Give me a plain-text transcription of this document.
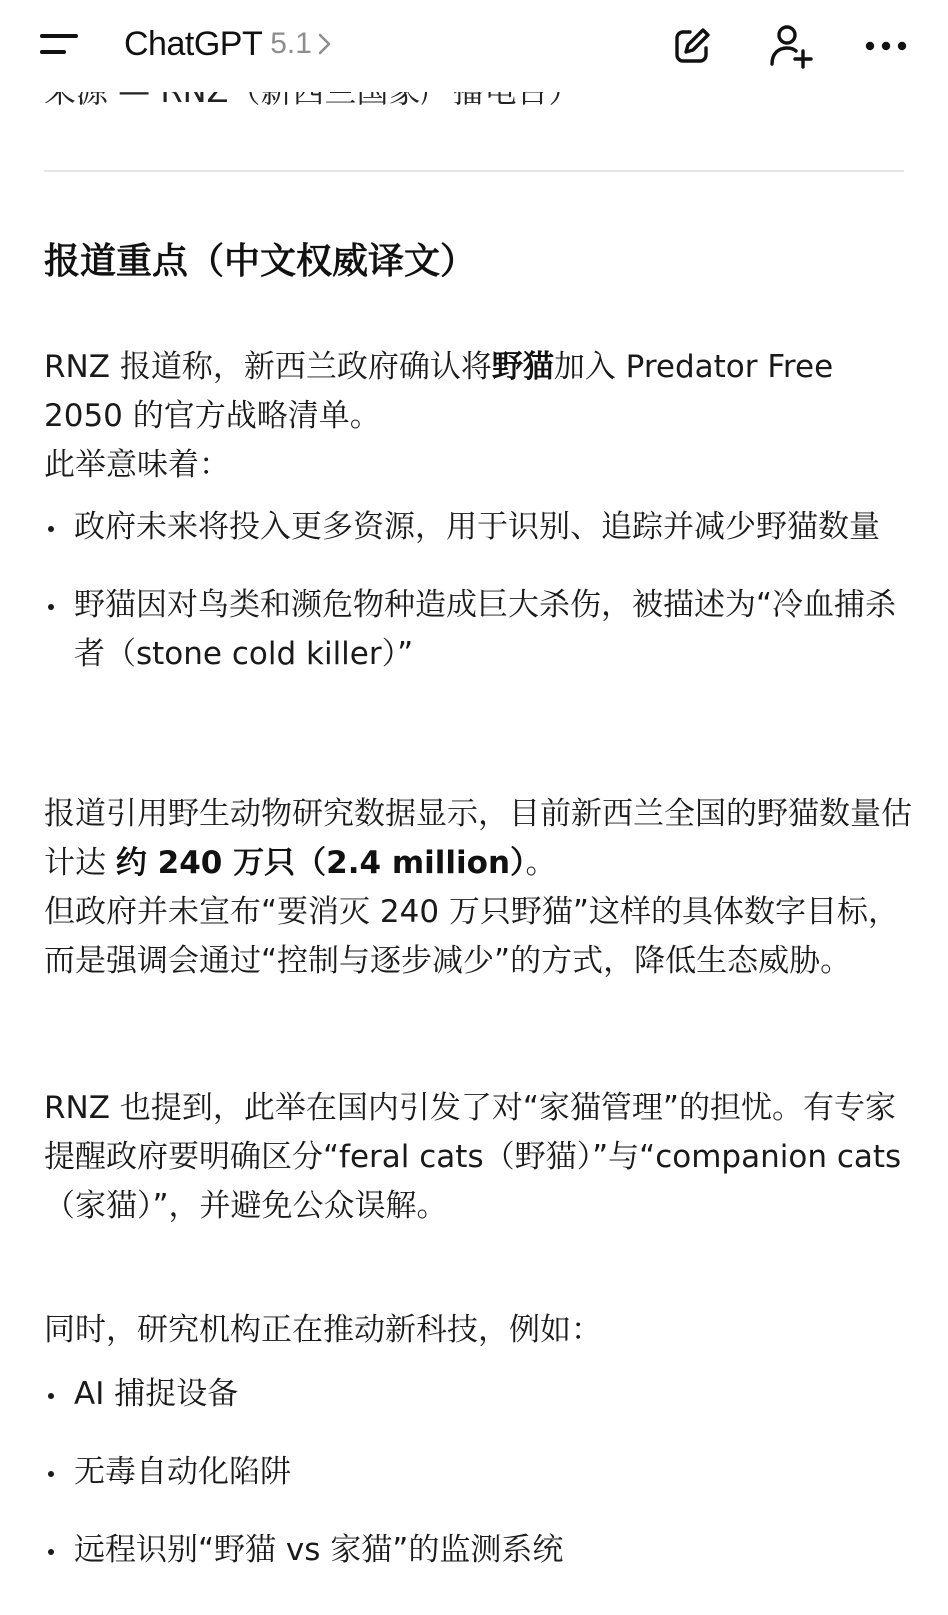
报道重点（中文权威译文）

RNZ 报道称，新西兰政府确认将野猫加入 Predator Free 2050 的官方战略清单。
此举意味着：

政府未来将投入更多资源，用于识别、追踪并减少野猫数量
野猫因对鸟类和濒危物种造成巨大杀伤，被描述为“冷血捕杀者（stone cold killer）”

报道引用野生动物研究数据显示，目前新西兰全国的野猫数量估计达 约 240 万只（2.4 million）。
但政府并未宣布“要消灭 240 万只野猫”这样的具体数字目标，而是强调会通过“控制与逐步减少”的方式，降低生态威胁。

RNZ 也提到，此举在国内引发了对“家猫管理”的担忧。有专家提醒政府要明确区分“feral cats（野猫）”与“companion cats（家猫）”，并避免公众误解。

同时，研究机构正在推动新科技，例如：

AI 捕捉设备
无毒自动化陷阱
远程识别“野猫 vs 家猫”的监测系统
ChatGPT 5.1
